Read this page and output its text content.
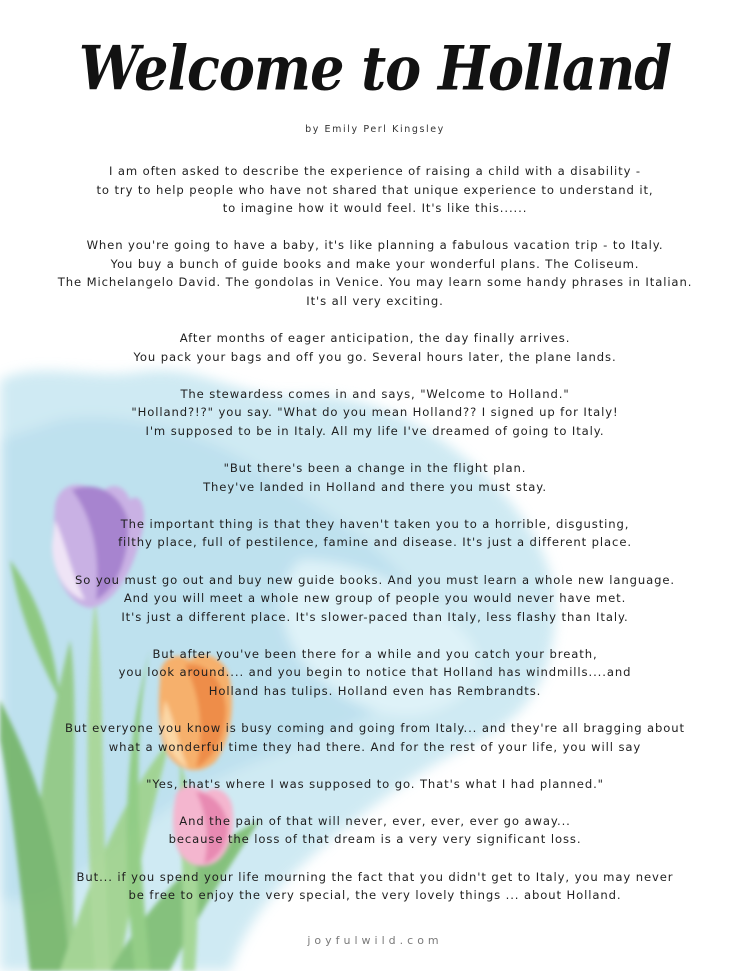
Welcome to Holland
by Emily Perl Kingsley

I am often asked to describe the experience of raising a child with a disability -
to try to help people who have not shared that unique experience to understand it,
to imagine how it would feel. It's like this......

When you're going to have a baby, it's like planning a fabulous vacation trip - to Italy.
You buy a bunch of guide books and make your wonderful plans. The Coliseum.
The Michelangelo David. The gondolas in Venice. You may learn some handy phrases in Italian.
It's all very exciting.

After months of eager anticipation, the day finally arrives.
You pack your bags and off you go. Several hours later, the plane lands.

The stewardess comes in and says, "Welcome to Holland."
"Holland?!?" you say. "What do you mean Holland?? I signed up for Italy!
I'm supposed to be in Italy. All my life I've dreamed of going to Italy.

"But there's been a change in the flight plan.
They've landed in Holland and there you must stay.

The important thing is that they haven't taken you to a horrible, disgusting,
filthy place, full of pestilence, famine and disease. It's just a different place.

So you must go out and buy new guide books. And you must learn a whole new language.
And you will meet a whole new group of people you would never have met.
It's just a different place. It's slower-paced than Italy, less flashy than Italy.

But after you've been there for a while and you catch your breath,
you look around.... and you begin to notice that Holland has windmills....and
Holland has tulips. Holland even has Rembrandts.

But everyone you know is busy coming and going from Italy... and they're all bragging about
what a wonderful time they had there. And for the rest of your life, you will say

"Yes, that's where I was supposed to go. That's what I had planned."

And the pain of that will never, ever, ever, ever go away...
because the loss of that dream is a very very significant loss.

But... if you spend your life mourning the fact that you didn't get to Italy, you may never
be free to enjoy the very special, the very lovely things ... about Holland.

joyfulwild.com
